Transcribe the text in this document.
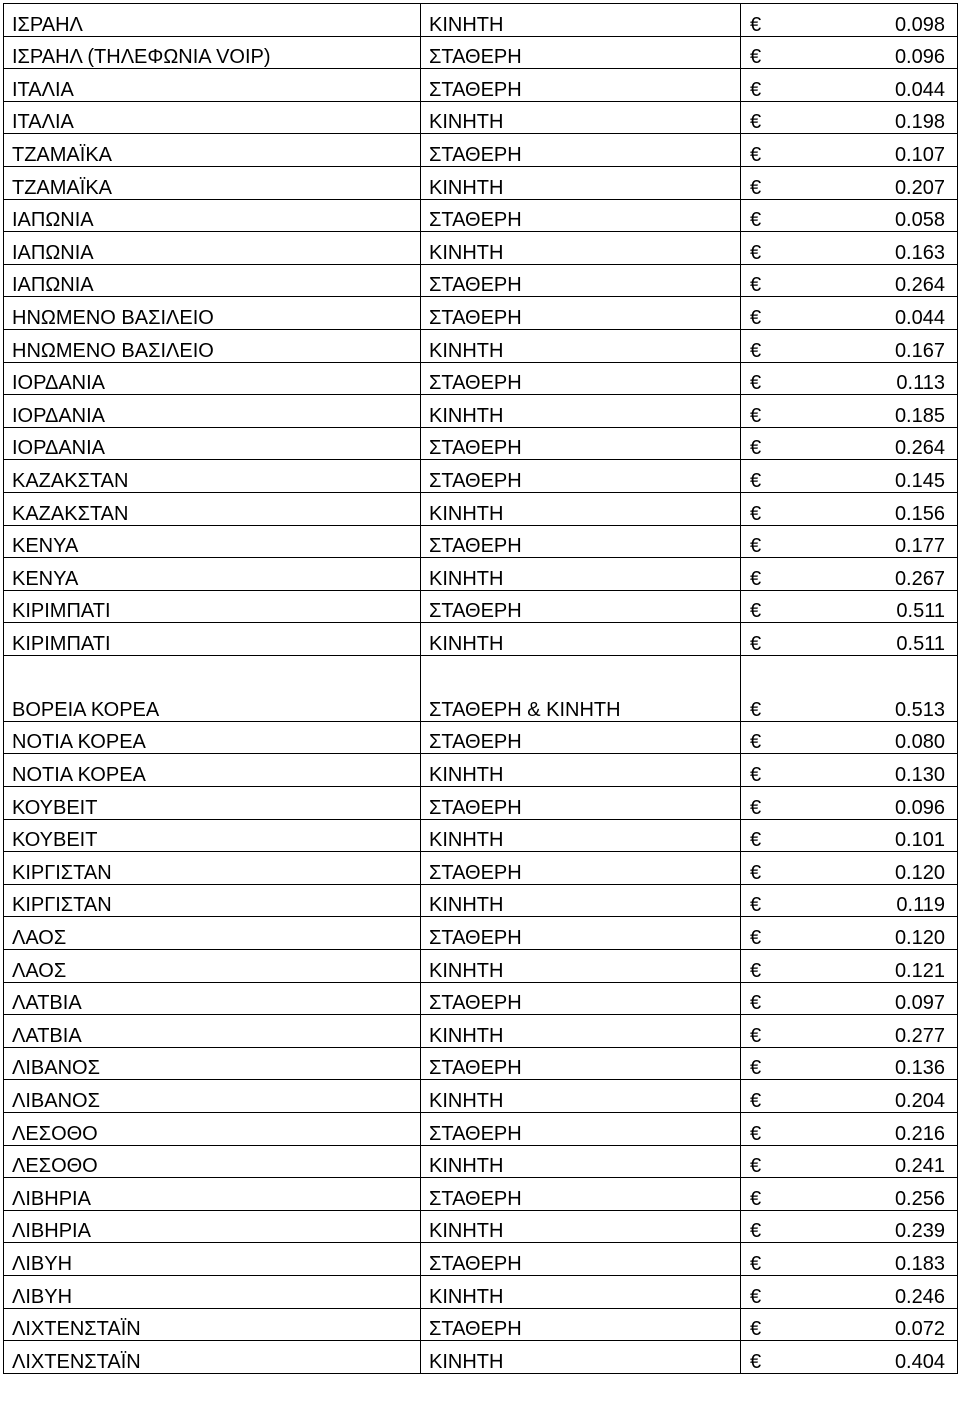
ΙΣΡΑΗΛ	ΚΙΝΗΤΗ	€ 0.098

ΙΣΡΑΗΛ (ΤΗΛΕΦΩΝΙΑ VOIP)	ΣΤΑΘΕΡΗ	€ 0.096

ΙΤΑΛΙΑ	ΣΤΑΘΕΡΗ	€ 0.044

ΙΤΑΛΙΑ	ΚΙΝΗΤΗ	€ 0.198

ΤΖΑΜΑΪΚΑ	ΣΤΑΘΕΡΗ	€ 0.107

ΤΖΑΜΑΪΚΑ	ΚΙΝΗΤΗ	€ 0.207

ΙΑΠΩΝΙΑ	ΣΤΑΘΕΡΗ	€ 0.058

ΙΑΠΩΝΙΑ	ΚΙΝΗΤΗ	€ 0.163

ΙΑΠΩΝΙΑ	ΣΤΑΘΕΡΗ	€ 0.264

ΗΝΩΜΕΝΟ ΒΑΣΙΛΕΙΟ	ΣΤΑΘΕΡΗ	€ 0.044

ΗΝΩΜΕΝΟ ΒΑΣΙΛΕΙΟ	ΚΙΝΗΤΗ	€ 0.167

ΙΟΡΔΑΝΙΑ	ΣΤΑΘΕΡΗ	€ 0.113

ΙΟΡΔΑΝΙΑ	ΚΙΝΗΤΗ	€ 0.185

ΙΟΡΔΑΝΙΑ	ΣΤΑΘΕΡΗ	€ 0.264

ΚΑΖΑΚΣΤΑΝ	ΣΤΑΘΕΡΗ	€ 0.145

ΚΑΖΑΚΣΤΑΝ	ΚΙΝΗΤΗ	€ 0.156

ΚΕΝΥΑ	ΣΤΑΘΕΡΗ	€ 0.177

ΚΕΝΥΑ	ΚΙΝΗΤΗ	€ 0.267

ΚΙΡΙΜΠΑΤΙ	ΣΤΑΘΕΡΗ	€ 0.511

ΚΙΡΙΜΠΑΤΙ	ΚΙΝΗΤΗ	€ 0.511

ΒΟΡΕΙΑ ΚΟΡΕΑ	ΣΤΑΘΕΡΗ & ΚΙΝΗΤΗ	€ 0.513

ΝΟΤΙΑ ΚΟΡΕΑ	ΣΤΑΘΕΡΗ	€ 0.080

ΝΟΤΙΑ ΚΟΡΕΑ	ΚΙΝΗΤΗ	€ 0.130

ΚΟΥΒΕΙΤ	ΣΤΑΘΕΡΗ	€ 0.096

ΚΟΥΒΕΙΤ	ΚΙΝΗΤΗ	€ 0.101

ΚΙΡΓΙΣΤΑΝ	ΣΤΑΘΕΡΗ	€ 0.120

ΚΙΡΓΙΣΤΑΝ	ΚΙΝΗΤΗ	€ 0.119

ΛΑΟΣ	ΣΤΑΘΕΡΗ	€ 0.120

ΛΑΟΣ	ΚΙΝΗΤΗ	€ 0.121

ΛΑΤΒΙΑ	ΣΤΑΘΕΡΗ	€ 0.097

ΛΑΤΒΙΑ	ΚΙΝΗΤΗ	€ 0.277

ΛΙΒΑΝΟΣ	ΣΤΑΘΕΡΗ	€ 0.136

ΛΙΒΑΝΟΣ	ΚΙΝΗΤΗ	€ 0.204

ΛΕΣΟΘΟ	ΣΤΑΘΕΡΗ	€ 0.216

ΛΕΣΟΘΟ	ΚΙΝΗΤΗ	€ 0.241

ΛΙΒΗΡΙΑ	ΣΤΑΘΕΡΗ	€ 0.256

ΛΙΒΗΡΙΑ	ΚΙΝΗΤΗ	€ 0.239

ΛΙΒΥΗ	ΣΤΑΘΕΡΗ	€ 0.183

ΛΙΒΥΗ	ΚΙΝΗΤΗ	€ 0.246

ΛΙΧΤΕΝΣΤΑΪΝ	ΣΤΑΘΕΡΗ	€ 0.072

ΛΙΧΤΕΝΣΤΑΪΝ	ΚΙΝΗΤΗ	€ 0.404
